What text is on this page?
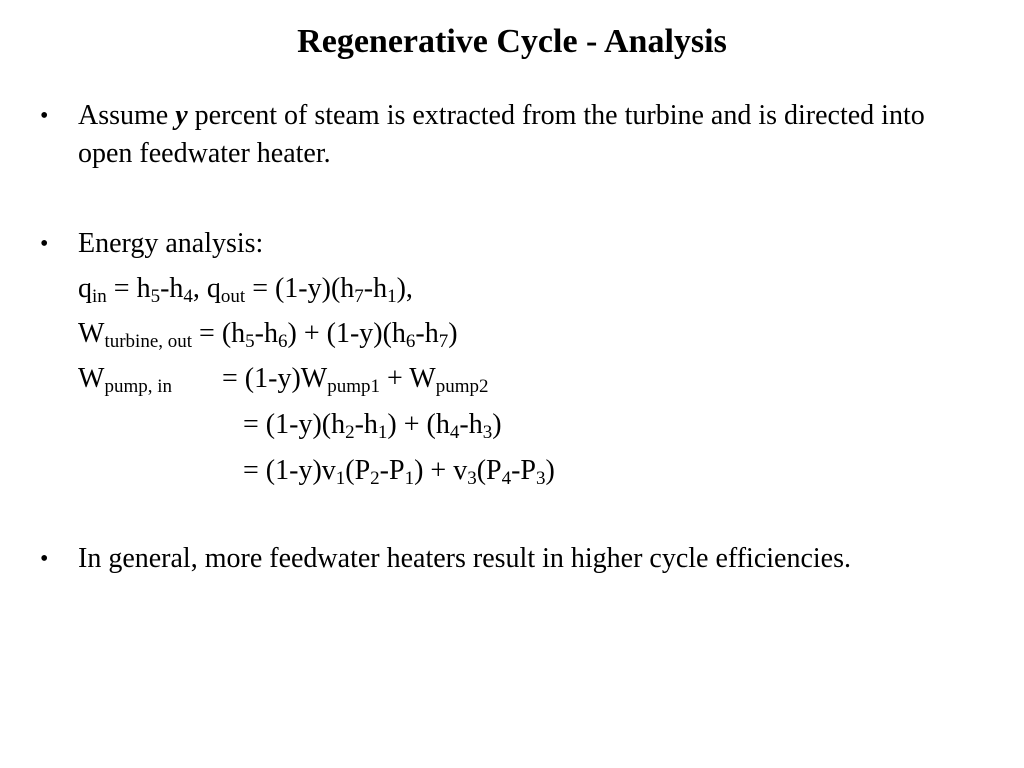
Regenerative Cycle - Analysis
•	Assume y percent of steam is extracted from the turbine and is directed into open feedwater heater.
•	Energy analysis:
$q_{in} = h_5-h_4$, $q_{out} = (1-y)(h_7-h_1)$,
$W_{turbine, out} = (h_5-h_6) + (1-y)(h_6-h_7)$
$W_{pump, in} = (1-y)W_{pump1} + W_{pump2}$
= $(1-y)(h_2-h_1) + (h_4-h_3)$
= $(1-y)v_1(P_2-P_1) + v_3(P_4-P_3)$
•	In general, more feedwater heaters result in higher cycle efficiencies.
